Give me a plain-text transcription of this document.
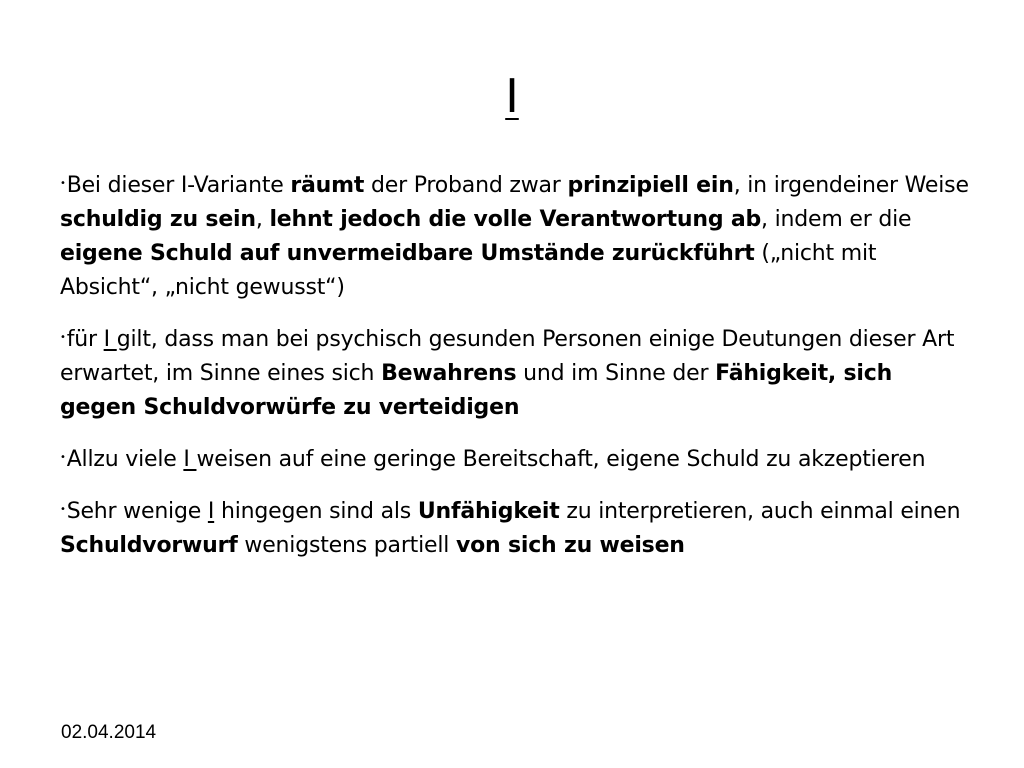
I

•Bei dieser I-Variante räumt der Proband zwar prinzipiell ein, in irgendeiner Weise schuldig zu sein, lehnt jedoch die volle Verantwortung ab, indem er die eigene Schuld auf unvermeidbare Umstände zurückführt („nicht mit Absicht“, „nicht gewusst“)

•für I gilt, dass man bei psychisch gesunden Personen einige Deutungen dieser Art erwartet, im Sinne eines sich Bewahrens und im Sinne der Fähigkeit, sich gegen Schuldvorwürfe zu verteidigen

•Allzu viele I weisen auf eine geringe Bereitschaft, eigene Schuld zu akzeptieren

•Sehr wenige I hingegen sind als Unfähigkeit zu interpretieren, auch einmal einen Schuldvorwurf wenigstens partiell von sich zu weisen

02.04.2014
